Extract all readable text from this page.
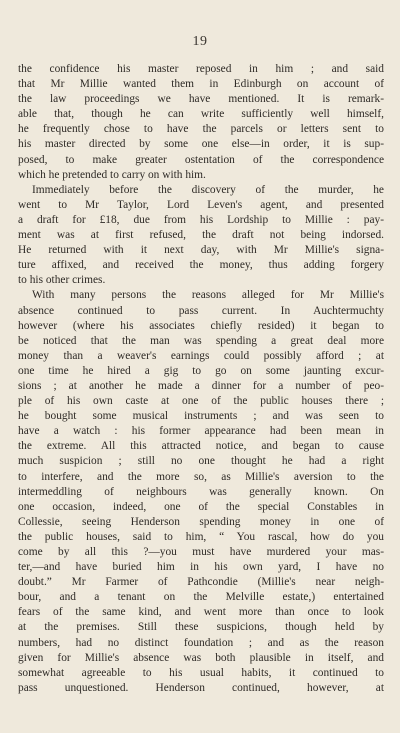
19
the confidence his master reposed in him ; and said
that Mr Millie wanted them in Edinburgh on account of
the law proceedings we have mentioned. It is remark-
able that, though he can write sufficiently well himself,
he frequently chose to have the parcels or letters sent to
his master directed by some one else—in order, it is sup-
posed, to make greater ostentation of the correspondence
which he pretended to carry on with him.
Immediately before the discovery of the murder, he
went to Mr Taylor, Lord Leven's agent, and presented
a draft for £18, due from his Lordship to Millie : pay-
ment was at first refused, the draft not being indorsed.
He returned with it next day, with Mr Millie's signa-
ture affixed, and received the money, thus adding forgery
to his other crimes.
With many persons the reasons alleged for Mr Millie's
absence continued to pass current. In Auchtermuchty
however (where his associates chiefly resided) it began to
be noticed that the man was spending a great deal more
money than a weaver's earnings could possibly afford ; at
one time he hired a gig to go on some jaunting excur-
sions ; at another he made a dinner for a number of peo-
ple of his own caste at one of the public houses there ;
he bought some musical instruments ; and was seen to
have a watch : his former appearance had been mean in
the extreme. All this attracted notice, and began to cause
much suspicion ; still no one thought he had a right
to interfere, and the more so, as Millie's aversion to the
intermeddling of neighbours was generally known. On
one occasion, indeed, one of the special Constables in
Collessie, seeing Henderson spending money in one of
the public houses, said to him, “ You rascal, how do you
come by all this ?—you must have murdered your mas-
ter,—and have buried him in his own yard, I have no
doubt.” Mr Farmer of Pathcondie (Millie's near neigh-
bour, and a tenant on the Melville estate,) entertained
fears of the same kind, and went more than once to look
at the premises. Still these suspicions, though held by
numbers, had no distinct foundation ; and as the reason
given for Millie's absence was both plausible in itself, and
somewhat agreeable to his usual habits, it continued to
pass unquestioned. Henderson continued, however, at
